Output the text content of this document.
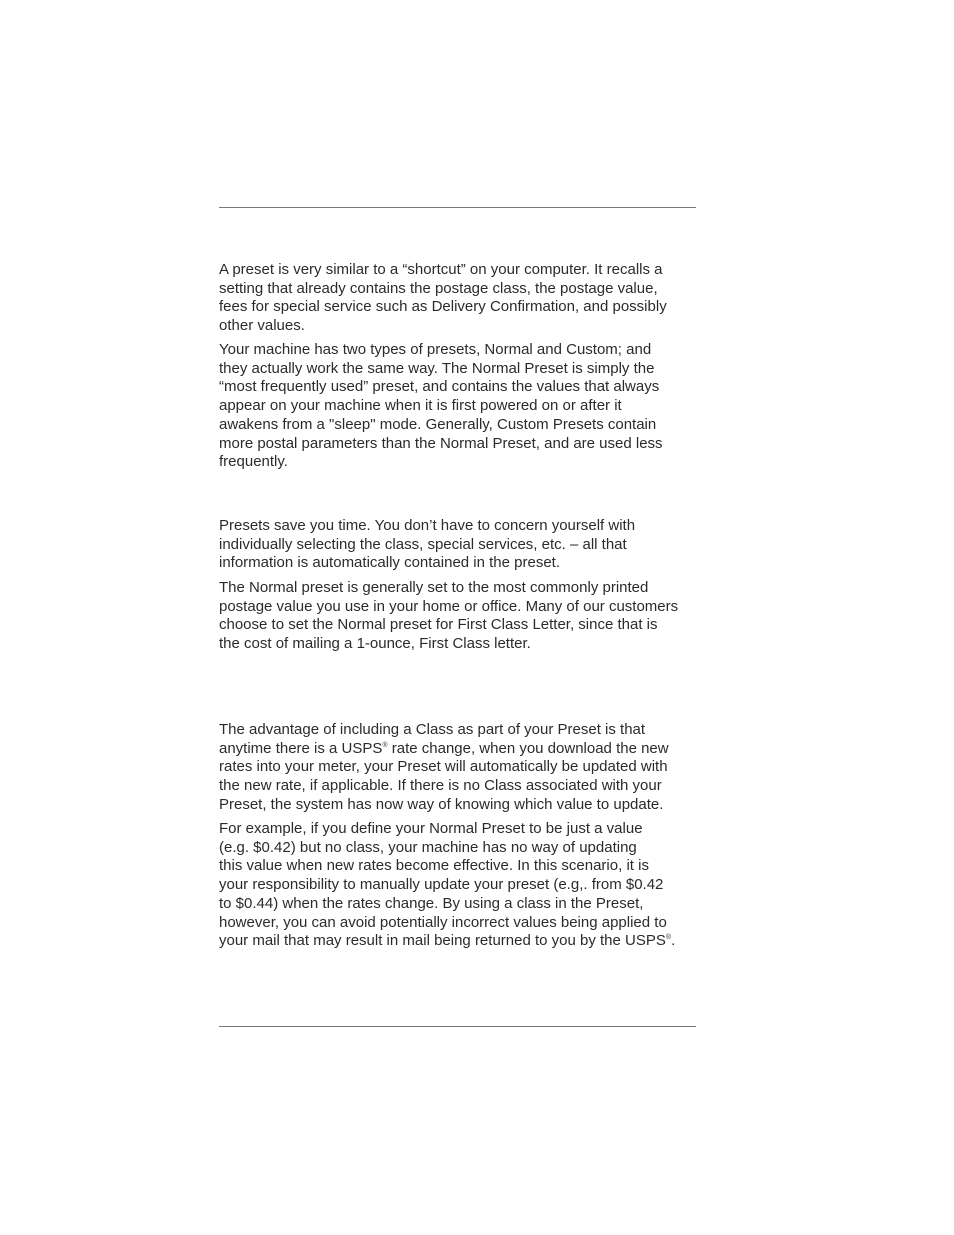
A preset is very similar to a “shortcut” on your computer. It recalls a
setting that already contains the postage class, the postage value,
fees for special service such as Delivery Confirmation, and possibly
other values.

Your machine has two types of presets, Normal and Custom; and
they actually work the same way. The Normal Preset is simply the
“most frequently used” preset, and contains the values that always
appear on your machine when it is first powered on or after it
awakens from a "sleep" mode. Generally, Custom Presets contain
more postal parameters than the Normal Preset, and are used less
frequently.

Presets save you time. You don’t have to concern yourself with
individually selecting the class, special services, etc. – all that
information is automatically contained in the preset.

The Normal preset is generally set to the most commonly printed
postage value you use in your home or office. Many of our customers
choose to set the Normal preset for First Class Letter, since that is
the cost of mailing a 1-ounce, First Class letter.

The advantage of including a Class as part of your Preset is that
anytime there is a USPS® rate change, when you download the new
rates into your meter, your Preset will automatically be updated with
the new rate, if applicable. If there is no Class associated with your
Preset, the system has now way of knowing which value to update.

For example, if you define your Normal Preset to be just a value
(e.g. $0.42) but no class, your machine has no way of updating
this value when new rates become effective. In this scenario, it is
your responsibility to manually update your preset (e.g,. from $0.42
to $0.44) when the rates change. By using a class in the Preset,
however, you can avoid potentially incorrect values being applied to
your mail that may result in mail being returned to you by the USPS®.
